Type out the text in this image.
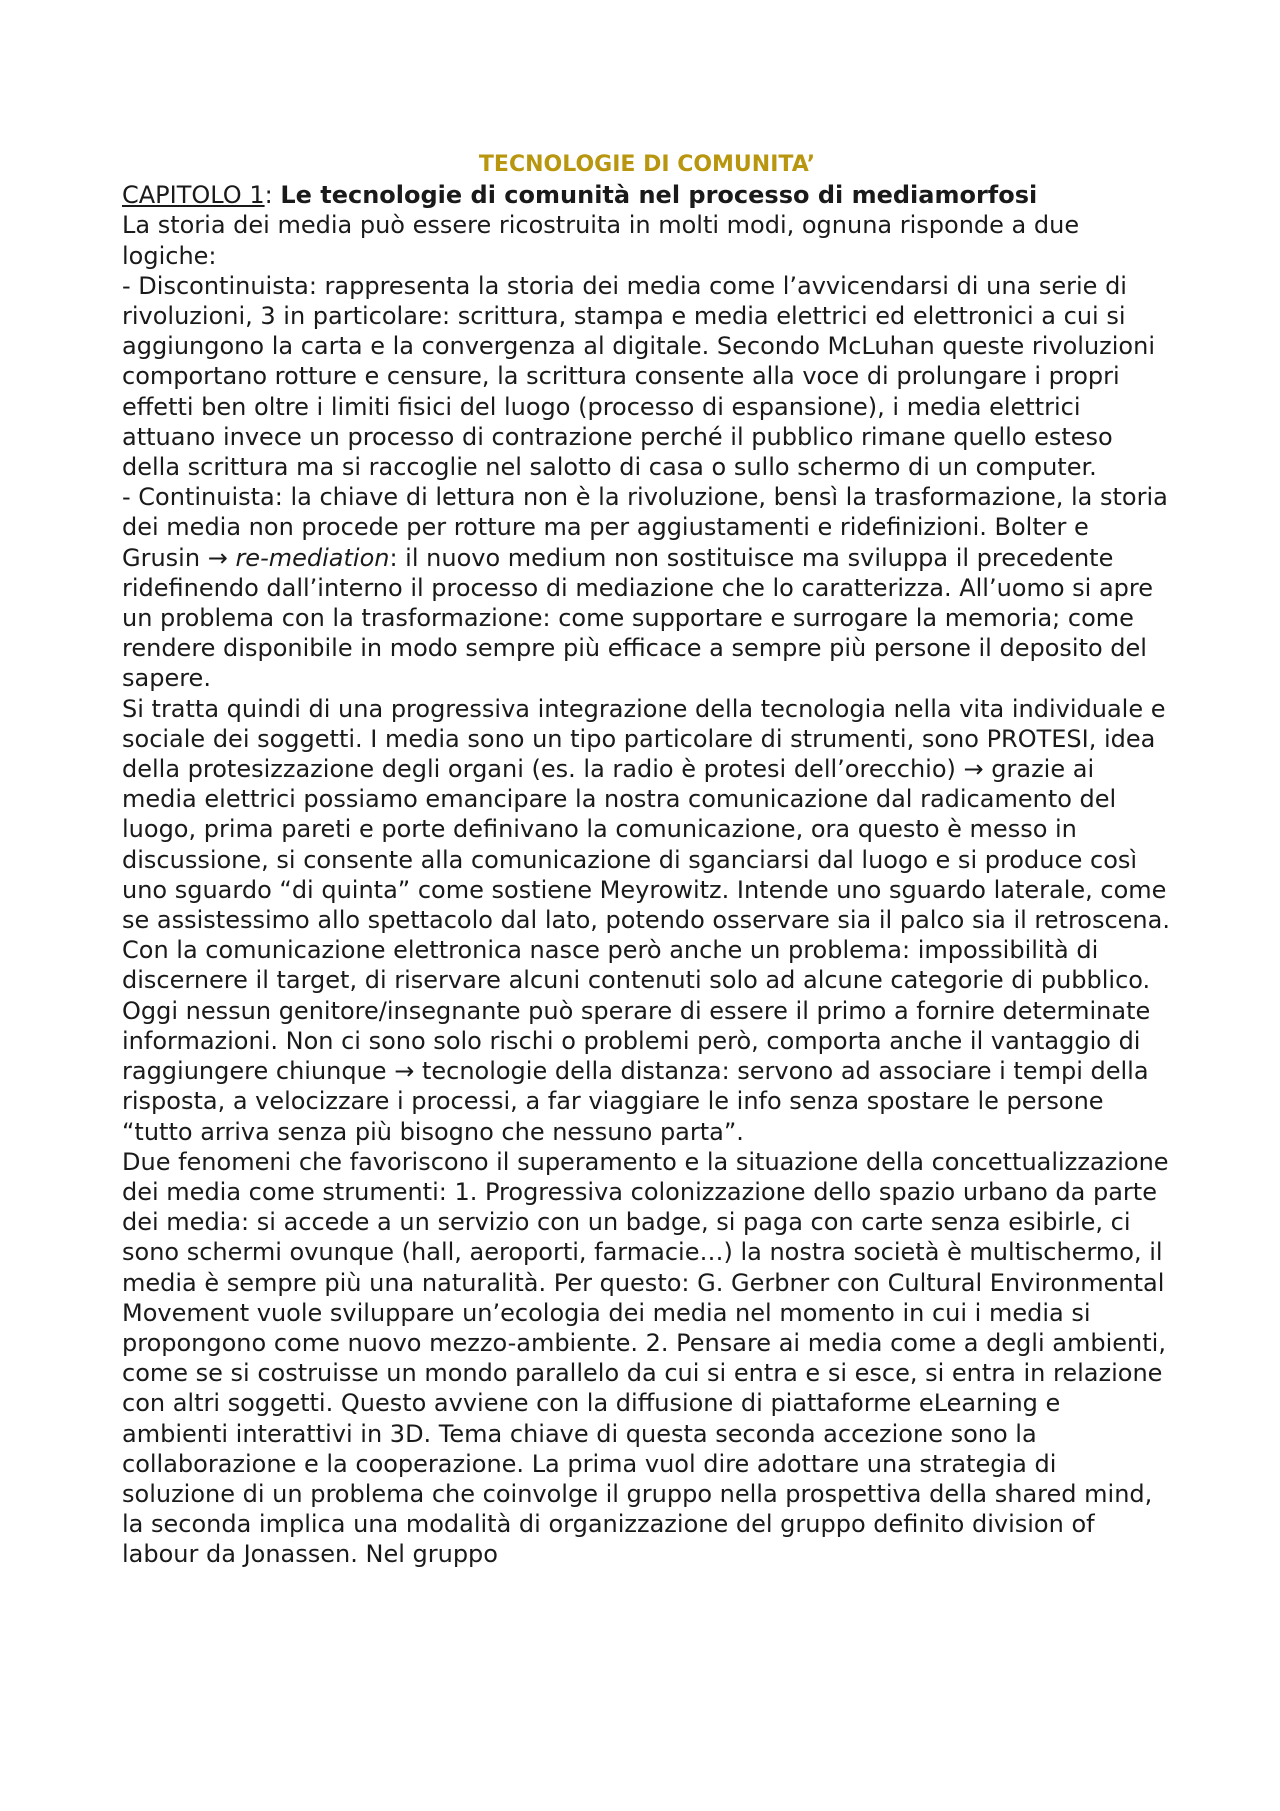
TECNOLOGIE DI COMUNITA’

CAPITOLO 1: Le tecnologie di comunità nel processo di mediamorfosi

La storia dei media può essere ricostruita in molti modi, ognuna risponde a due logiche:

- Discontinuista: rappresenta la storia dei media come l’avvicendarsi di una serie di rivoluzioni, 3 in particolare: scrittura, stampa e media elettrici ed elettronici a cui si aggiungono la carta e la convergenza al digitale. Secondo McLuhan queste rivoluzioni comportano rotture e censure, la scrittura consente alla voce di prolungare i propri effetti ben oltre i limiti fisici del luogo (processo di espansione), i media elettrici attuano invece un processo di contrazione perché il pubblico rimane quello esteso della scrittura ma si raccoglie nel salotto di casa o sullo schermo di un computer.

- Continuista: la chiave di lettura non è la rivoluzione, bensì la trasformazione, la storia dei media non procede per rotture ma per aggiustamenti e ridefinizioni. Bolter e Grusin → re-mediation: il nuovo medium non sostituisce ma sviluppa il precedente ridefinendo dall’interno il processo di mediazione che lo caratterizza. All’uomo si apre un problema con la trasformazione: come supportare e surrogare la memoria; come rendere disponibile in modo sempre più efficace a sempre più persone il deposito del sapere.

Si tratta quindi di una progressiva integrazione della tecnologia nella vita individuale e sociale dei soggetti. I media sono un tipo particolare di strumenti, sono PROTESI, idea della protesizzazione degli organi (es. la radio è protesi dell’orecchio) → grazie ai media elettrici possiamo emancipare la nostra comunicazione dal radicamento del luogo, prima pareti e porte definivano la comunicazione, ora questo è messo in discussione, si consente alla comunicazione di sganciarsi dal luogo e si produce così uno sguardo “di quinta” come sostiene Meyrowitz. Intende uno sguardo laterale, come se assistessimo allo spettacolo dal lato, potendo osservare sia il palco sia il retroscena.

Con la comunicazione elettronica nasce però anche un problema: impossibilità di discernere il target, di riservare alcuni contenuti solo ad alcune categorie di pubblico. Oggi nessun genitore/insegnante può sperare di essere il primo a fornire determinate informazioni. Non ci sono solo rischi o problemi però, comporta anche il vantaggio di raggiungere chiunque → tecnologie della distanza: servono ad associare i tempi della risposta, a velocizzare i processi, a far viaggiare le info senza spostare le persone “tutto arriva senza più bisogno che nessuno parta”.

Due fenomeni che favoriscono il superamento e la situazione della concettualizzazione dei media come strumenti: 1. Progressiva colonizzazione dello spazio urbano da parte dei media: si accede a un servizio con un badge, si paga con carte senza esibirle, ci sono schermi ovunque (hall, aeroporti, farmacie…) la nostra società è multischermo, il media è sempre più una naturalità. Per questo: G. Gerbner con Cultural Environmental Movement vuole sviluppare un’ecologia dei media nel momento in cui i media si propongono come nuovo mezzo-ambiente. 2. Pensare ai media come a degli ambienti, come se si costruisse un mondo parallelo da cui si entra e si esce, si entra in relazione con altri soggetti. Questo avviene con la diffusione di piattaforme eLearning e ambienti interattivi in 3D. Tema chiave di questa seconda accezione sono la collaborazione e la cooperazione. La prima vuol dire adottare una strategia di soluzione di un problema che coinvolge il gruppo nella prospettiva della shared mind, la seconda implica una modalità di organizzazione del gruppo definito division of labour da Jonassen. Nel gruppo
